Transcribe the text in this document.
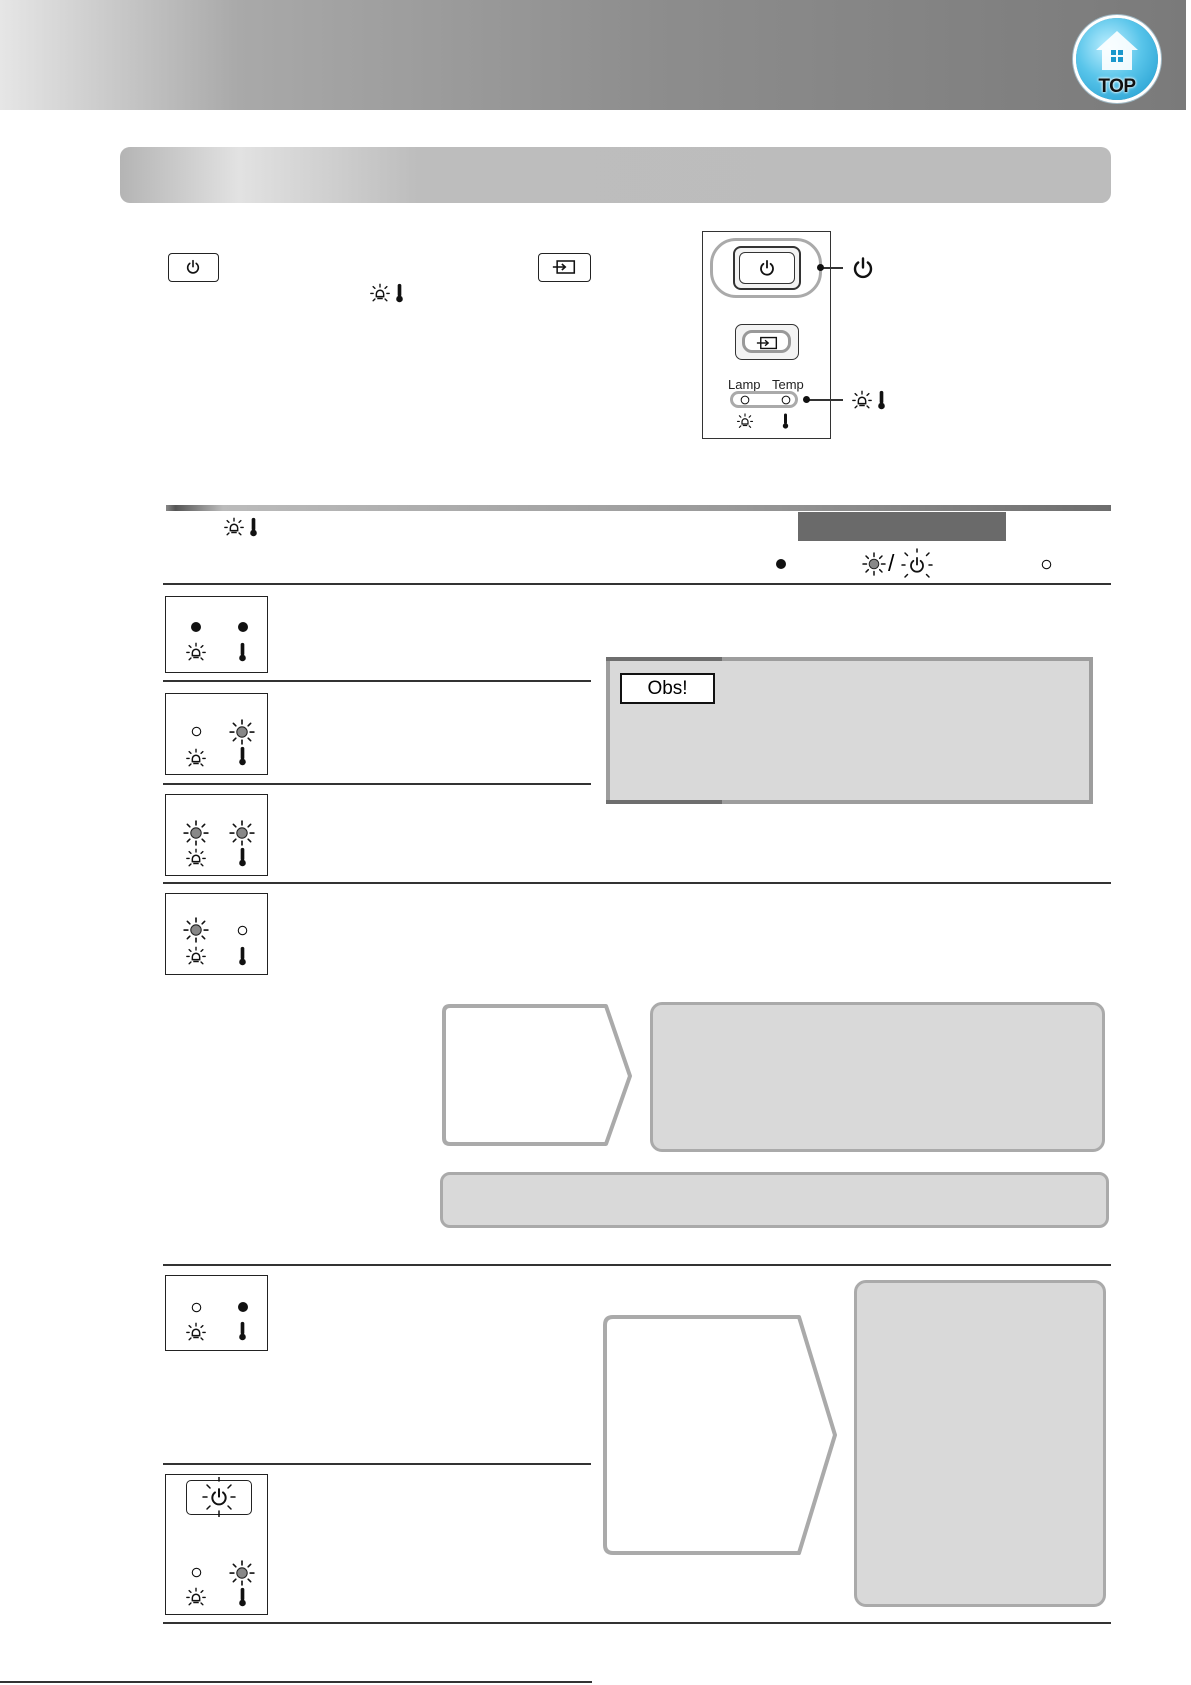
TOP
Lamp Temp
/
Obs!
